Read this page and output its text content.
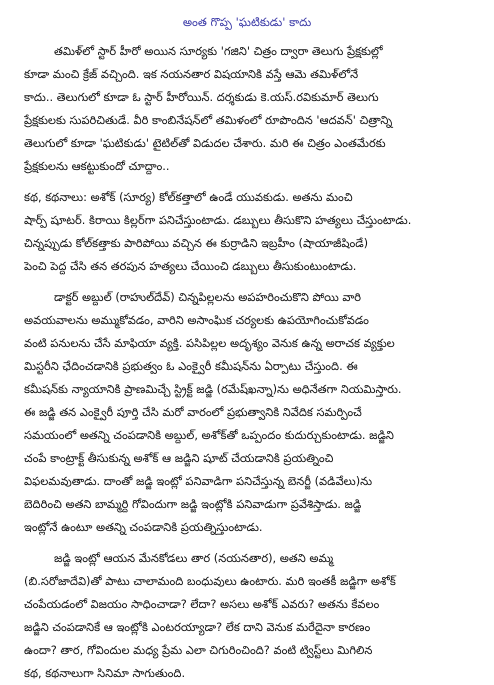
అంత గొప్ప 'ఘటికుడు' కాదు
తమిళ్‌లో స్టార్ హీరో అయిన సూర్యకు 'గజిని' చిత్రం ద్వారా తెలుగు ప్రేక్షకుల్లో
కూడా మంచి క్రేజ్ వచ్చింది. ఇక నయనతార విషయానికి వస్తే ఆమె తమిళ్‌లోనే
కాదు.. తెలుగులో కూడా ఓ స్టార్ హీరోయిన్. దర్శకుడు కె.యస్.రవికుమార్ తెలుగు
ప్రేక్షకులకు సుపరిచితుడే. వీరి కాంబినేషన్‌లో తమిళంలో రూపొందిన 'ఆదవన్' చిత్రాన్ని
తెలుగులో కూడా 'ఘటికుడు' టైటిల్‌తో విడుదల చేశారు. మరి ఈ చిత్రం ఎంతమేరకు
ప్రేక్షకులను ఆకట్టుకుందో చూద్దాం..
కథ, కథనాలు: అశోక్ (సూర్య) కోల్‌కత్తాలో ఉండే యువకుడు. అతను మంచి
షార్ప్ షూటర్. కిరాయి కిల్లర్‌గా పనిచేస్తుంటాడు. డబ్బులు తీసుకొని హత్యలు చేస్తుంటాడు.
చిన్నప్పుడు కోల్‌కత్తాకు పారిపోయి వచ్చిన ఈ కుర్రాడిని ఇబ్రహీం (షాయాజీషిండే)
పెంచి పెద్ద చేసి తన తరపున హత్యలు చేయించి డబ్బులు తీసుకుంటుంటాడు.
డాక్టర్ అబ్దుల్ (రాహుల్‌దేవ్) చిన్నపిల్లలను అపహరించుకొని పోయి వారి
అవయవాలను అమ్ముకోవడం, వారిని అసాంఘిక చర్యలకు ఉపయోగించుకోవడం
వంటి పనులను చేసే మాఫియా వ్యక్తి. పసిపిల్లల అదృశ్యం వెనుక ఉన్న అరాచక వ్యక్తుల
మిస్టరీని ఛేదించడానికి ప్రభుత్వం ఓ ఎంక్వైరీ కమీషన్‌ను ఏర్పాటు చేస్తుంది. ఈ
కమీషన్‌కు న్యాయానికి ప్రాణమిచ్చే స్ట్రిక్ట్ జడ్జి (రమేష్‌ఖన్నా)ను అధినేతగా నియమిస్తారు.
ఈ జడ్జి తన ఎంక్వైరీ పూర్తి చేసి మరో వారంలో ప్రభుత్వానికి నివేదిక సమర్పించే
సమయంలో అతన్ని చంపడానికి అబ్దుల్, అశోక్‌తో ఒప్పందం కుదుర్చుకుంటాడు. జడ్జిని
చంపే కాంట్రాక్ట్ తీసుకున్న అశోక్ ఆ జడ్జిని షూట్ చేయడానికి ప్రయత్నించి
విఫలమవుతాడు. దాంతో జడ్జి ఇంట్లో పనివాడిగా పనిచేస్తున్న బెనర్జీ (వడివేలు)ను
బెదిరించి అతని బామ్మర్ది గోవిందుగా జడ్జి ఇంట్లోకి పనివాడుగా ప్రవేశిస్తాడు. జడ్జి
ఇంట్లోనే ఉంటూ అతన్ని చంపడానికి ప్రయత్నిస్తుంటాడు.
జడ్జి ఇంట్లో ఆయన మేనకోడలు తార (నయనతార), అతని అమ్మ
(బి.సరోజాదేవి)తో పాటు చాలామంది బంధువులు ఉంటారు. మరి ఇంతకీ జడ్జిగా అశోక్
చంపేయడంలో విజయం సాధించాడా? లేదా? అసలు అశోక్ ఎవరు? అతను కేవలం
జడ్జిని చంపడానికే ఆ ఇంట్లోకి ఎంటరయ్యాడా? లేక దాని వెనుక మరేదైనా కారణం
ఉందా? తార, గోవిందుల మధ్య ప్రేమ ఎలా చిగురించింది? వంటి ట్విస్ట్‌లు మిగిలిన
కథ, కథనాలుగా సినిమా సాగుతుంది.
